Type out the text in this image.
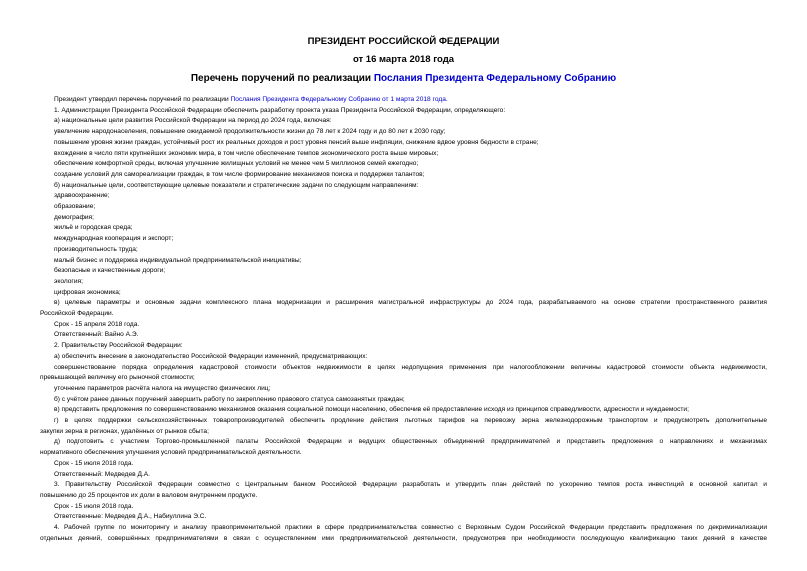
ПРЕЗИДЕНТ РОССИЙСКОЙ ФЕДЕРАЦИИ
от 16 марта 2018 года
Перечень поручений по реализации Послания Президента Федеральному Собранию

Президент утвердил перечень поручений по реализации Послания Президента Федеральному Собранию от 1 марта 2018 года.

1. Администрации Президента Российской Федерации обеспечить разработку проекта указа Президента Российской Федерации, определяющего:

а) национальные цели развития Российской Федерации на период до 2024 года, включая:

увеличение народонаселения, повышение ожидаемой продолжительности жизни до 78 лет к 2024 году и до 80 лет к 2030 году;

повышение уровня жизни граждан, устойчивый рост их реальных доходов и рост уровня пенсий выше инфляции, снижение вдвое уровня бедности в стране;

вхождение в число пяти крупнейших экономик мира, в том числе обеспечение темпов экономического роста выше мировых;

обеспечение комфортной среды, включая улучшение жилищных условий не менее чем 5 миллионов семей ежегодно;

создание условий для самореализации граждан, в том числе формирование механизмов поиска и поддержки талантов;

б) национальные цели, соответствующие целевые показатели и стратегические задачи по следующим направлениям:

здравоохранение;

образование;

демография;

жильё и городская среда;

международная кооперация и экспорт;

производительность труда;

малый бизнес и поддержка индивидуальной предпринимательской инициативы;

безопасные и качественные дороги;

экология;

цифровая экономика;

в) целевые параметры и основные задачи комплексного плана модернизации и расширения магистральной инфраструктуры до 2024 года, разрабатываемого на основе стратегии пространственного развития

Российской Федерации.

Срок - 15 апреля 2018 года.

Ответственный: Вайно А.Э.

2. Правительству Российской Федерации:

а) обеспечить внесение в законодательство Российской Федерации изменений, предусматривающих:

совершенствование порядка определения кадастровой стоимости объектов недвижимости в целях недопущения применения при налогообложении величины кадастровой стоимости объекта недвижимости,

превышающей величину его рыночной стоимости;

уточнение параметров расчёта налога на имущество физических лиц;

б) с учётом ранее данных поручений завершить работу по закреплению правового статуса самозанятых граждан;

в) представить предложения по совершенствованию механизмов оказания социальной помощи населению, обеспечив её предоставление исходя из принципов справедливости, адресности и нуждаемости;

г) в целях поддержки сельскохозяйственных товаропроизводителей обеспечить продление действия льготных тарифов на перевозку зерна железнодорожным транспортом и предусмотреть дополнительные

закупки зерна в регионах, удалённых от рынков сбыта;

д) подготовить с участием Торгово-промышленной палаты Российской Федерации и ведущих общественных объединений предпринимателей и представить предложения о направлениях и механизмах

нормативного обеспечения улучшения условий предпринимательской деятельности.

Срок - 15 июля 2018 года.

Ответственный: Медведев Д.А.

3. Правительству Российской Федерации совместно с Центральным банком Российской Федерации разработать и утвердить план действий по ускорению темпов роста инвестиций в основной капитал и

повышению до 25 процентов их доли в валовом внутреннем продукте.

Срок - 15 июля 2018 года.

Ответственные: Медведев Д.А., Набиуллина Э.С.

4. Рабочей группе по мониторингу и анализу правоприменительной практики в сфере предпринимательства совместно с Верховным Судом Российской Федерации представить предложения по декриминализации

отдельных деяний, совершённых предпринимателями в связи с осуществлением ими предпринимательской деятельности, предусмотрев при необходимости последующую квалификацию таких деяний в качестве
